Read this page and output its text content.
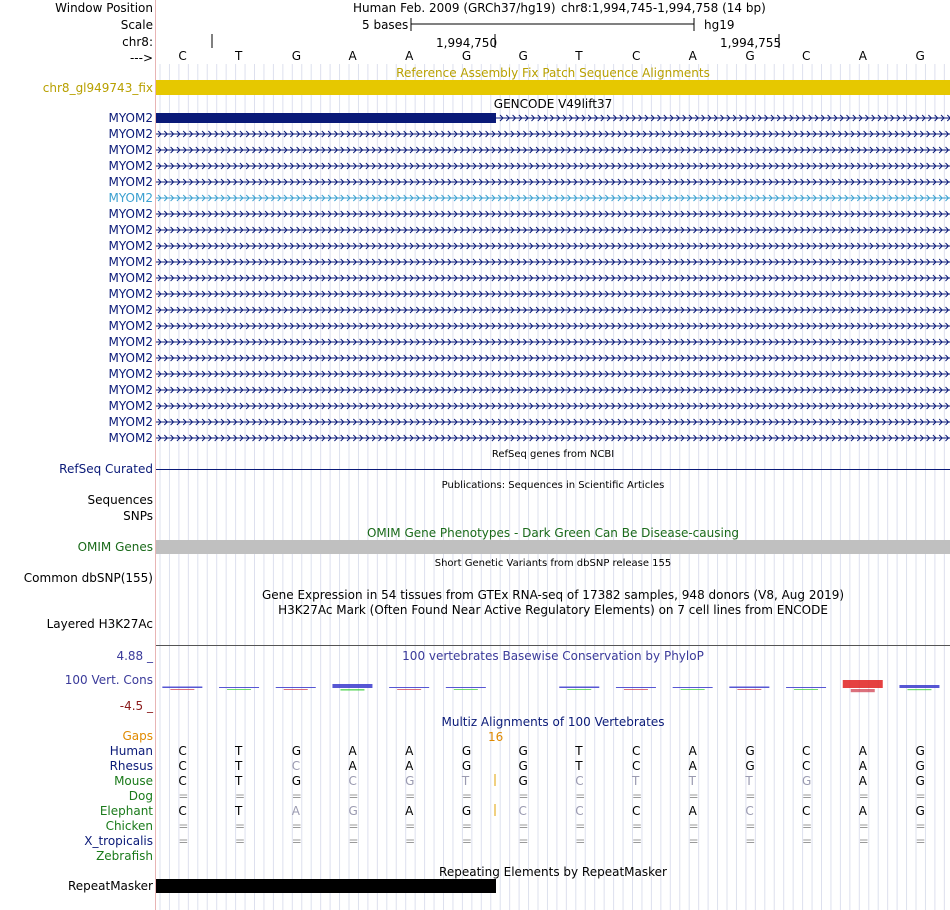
Window Position
Scale
chr8:
--->
Human Feb. 2009 (GRCh37/hg19) chr8:1,994,745-1,994,758 (14 bp)
5 bases	hg19
1,994,750	1,994,755
C	T	G	A	A	G	G	T	C	A	G	C	A	G
Reference Assembly Fix Patch Sequence Alignments
chr8_gl949743_fix
GENCODE V49lift37
MYOM2
MYOM2
MYOM2
MYOM2
MYOM2
MYOM2
MYOM2
MYOM2
MYOM2
MYOM2
MYOM2
MYOM2
MYOM2
MYOM2
MYOM2
MYOM2
MYOM2
MYOM2
MYOM2
MYOM2
MYOM2
RefSeq genes from NCBI
RefSeq Curated
Publications: Sequences in Scientific Articles
Sequences
SNPs
OMIM Gene Phenotypes - Dark Green Can Be Disease-causing
OMIM Genes
Short Genetic Variants from dbSNP release 155
Common dbSNP(155)
Gene Expression in 54 tissues from GTEx RNA-seq of 17382 samples, 948 donors (V8, Aug 2019)
H3K27Ac Mark (Often Found Near Active Regulatory Elements) on 7 cell lines from ENCODE
Layered H3K27Ac
100 vertebrates Basewise Conservation by PhyloP
4.88 _
100 Vert. Cons
-4.5 _
Multiz Alignments of 100 Vertebrates
Gaps	16
Human C	T	G	A	A	G	G	T	C	A	G	C	A	G
Rhesus C	T	C	A	A	G	G	T	C	A	G	C	A	G
Mouse C	T	G	C	G	T	G	C	T	T	T	G	A	G
Dog =	=	=	=	=	=	=	=	=	=	=	=	=	=
Elephant C	T	A	G	A	G	C	C	C	A	C	C	A	G
Chicken =	=	=	=	=	=	=	=	=	=	=	=	=	=
X_tropicalis =	=	=	=	=	=	=	=	=	=	=	=	=	=
Zebrafish
Repeating Elements by RepeatMasker
RepeatMasker
